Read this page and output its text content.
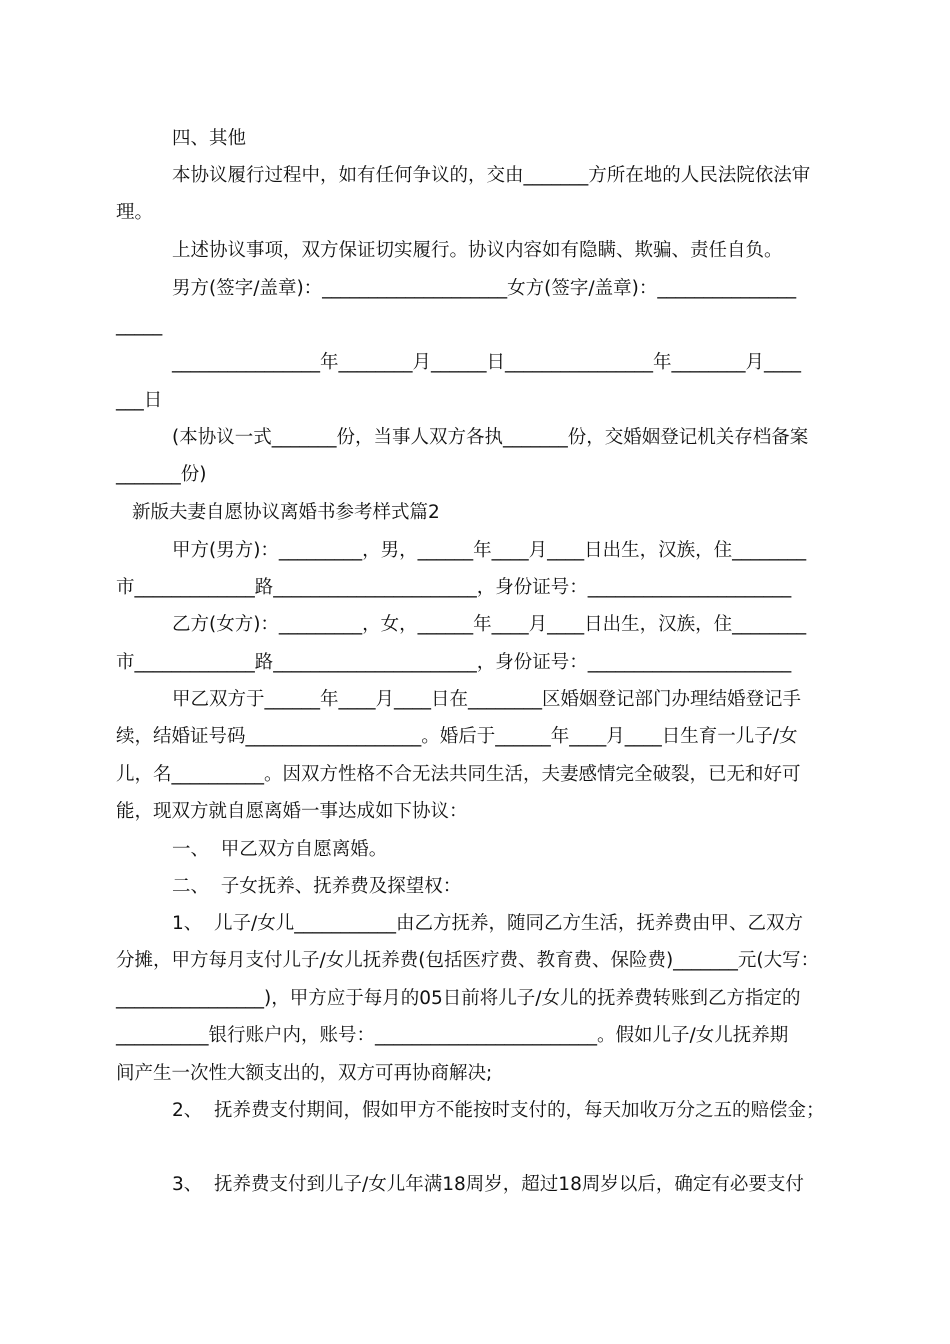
四、其他
本协议履行过程中，如有任何争议的，交由_______方所在地的人民法院依法审
理。
上述协议事项，双方保证切实履行。协议内容如有隐瞒、欺骗、责任自负。
男方(签字/盖章)：____________________女方(签字/盖章)：_______________
_____
________________年________月______日________________年________月____
___日
(本协议一式_______份，当事人双方各执_______份，交婚姻登记机关存档备案
_______份)
新版夫妻自愿协议离婚书参考样式篇2
甲方(男方)：_________，男，______年____月____日出生，汉族，住________
市_____________路______________________，身份证号：______________________
乙方(女方)：_________，女，______年____月____日出生，汉族，住________
市_____________路______________________，身份证号：______________________
甲乙双方于______年____月____日在________区婚姻登记部门办理结婚登记手
续，结婚证号码___________________。婚后于______年____月____日生育一儿子/女
儿，名__________。因双方性格不合无法共同生活，夫妻感情完全破裂，已无和好可
能，现双方就自愿离婚一事达成如下协议：
一、  甲乙双方自愿离婚。
二、  子女抚养、抚养费及探望权：
1、  儿子/女儿___________由乙方抚养，随同乙方生活，抚养费由甲、乙双方
分摊，甲方每月支付儿子/女儿抚养费(包括医疗费、教育费、保险费)_______元(大写：
________________)，甲方应于每月的05日前将儿子/女儿的抚养费转账到乙方指定的
__________银行账户内，账号：________________________。假如儿子/女儿抚养期
间产生一次性大额支出的，双方可再协商解决;
2、  抚养费支付期间，假如甲方不能按时支付的，每天加收万分之五的赔偿金；
3、  抚养费支付到儿子/女儿年满18周岁，超过18周岁以后，确定有必要支付
